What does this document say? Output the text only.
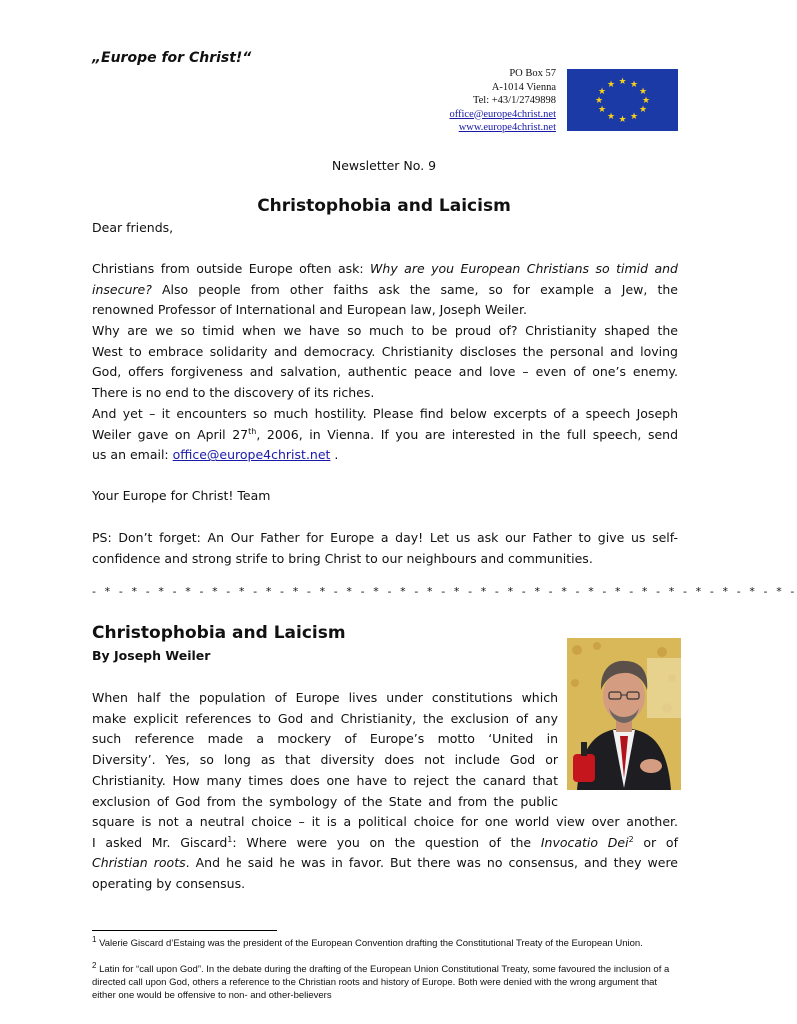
„Europe for Christ!“
PO Box 57
A-1014 Vienna
Tel: +43/1/2749898
office@europe4christ.net
www.europe4christ.net
★ ★
★
★
★
★
★
★
★
★
★
★
Newsletter No. 9
Christophobia and Laicism
Dear friends,
Christians from outside Europe often ask: Why are you European Christians so timid and
insecure? Also people from other faiths ask the same, so for example a Jew, the
renowned Professor of International and European law, Joseph Weiler.
Why are we so timid when we have so much to be proud of? Christianity shaped the
West to embrace solidarity and democracy. Christianity discloses the personal and loving
God, offers forgiveness and salvation, authentic peace and love – even of one’s enemy.
There is no end to the discovery of its riches.
And yet – it encounters so much hostility. Please find below excerpts of a speech Joseph
Weiler gave on April 27th, 2006, in Vienna. If you are interested in the full speech, send
us an email: office@europe4christ.net .
Your Europe for Christ! Team
PS: Don’t forget: An Our Father for Europe a day! Let us ask our Father to give us self-
confidence and strong strife to bring Christ to our neighbours and communities.
- * - * - * - * - * - * - * - * - * - * - * - * - * - * - * - * - * - * - * - * - * - * - * - * - * - * -
Christophobia and Laicism
By Joseph Weiler
When half the population of Europe lives under constitutions which
make explicit references to God and Christianity, the exclusion of any
such reference made a mockery of Europe’s motto ‘United in
Diversity’. Yes, so long as that diversity does not include God or
Christianity. How many times does one have to reject the canard that
exclusion of God from the symbology of the State and from the public
square is not a neutral choice – it is a political choice for one world view over another.
I asked Mr. Giscard$^1$: Where were you on the question of the Invocatio Dei$^2$ or of
Christian roots. And he said he was in favor. But there was no consensus, and they were
operating by consensus.
$^1$ Valerie Giscard d’Estaing was the president of the European Convention drafting the Constitutional Treaty of the European Union.
$^2$ Latin for “call upon God”. In the debate during the drafting of the European Union Constitutional Treaty, some favoured the inclusion of a directed call upon God, others a reference to the Christian roots and history of Europe. Both were denied with the wrong argument that either one would be offensive to non- and other-believers
